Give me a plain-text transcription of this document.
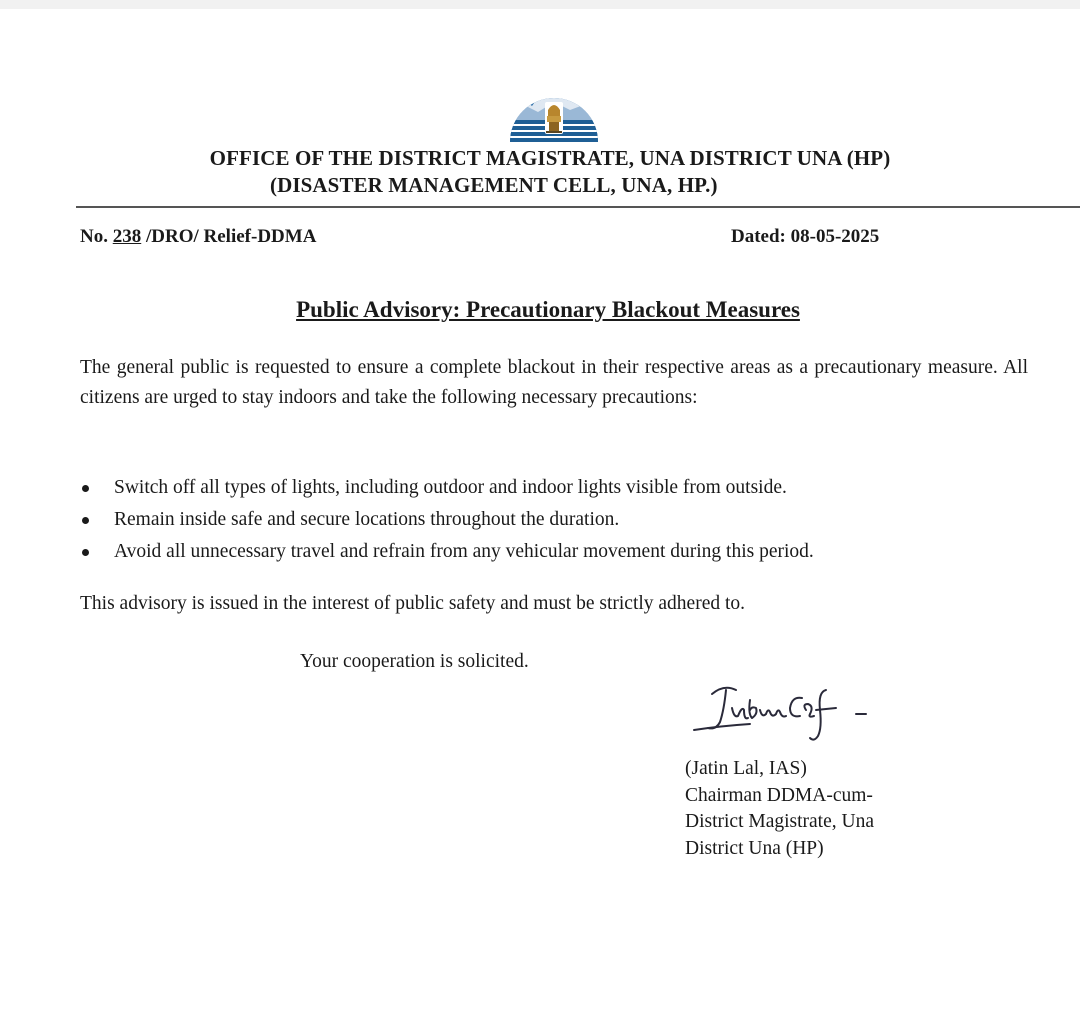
OFFICE OF THE DISTRICT MAGISTRATE, UNA DISTRICT UNA (HP)
(DISASTER MANAGEMENT CELL, UNA, HP.)
No. 238 /DRO/ Relief-DDMA	Dated: 08-05-2025
Public Advisory: Precautionary Blackout Measures

The general public is requested to ensure a complete blackout in their respective areas as a precautionary measure. All citizens are urged to stay indoors and take the following necessary precautions:

Switch off all types of lights, including outdoor and indoor lights visible from outside.
Remain inside safe and secure locations throughout the duration.
Avoid all unnecessary travel and refrain from any vehicular movement during this period.
This advisory is issued in the interest of public safety and must be strictly adhered to.
Your cooperation is solicited.
(Jatin Lal, IAS)
Chairman DDMA-cum-
District Magistrate, Una
District Una (HP)
